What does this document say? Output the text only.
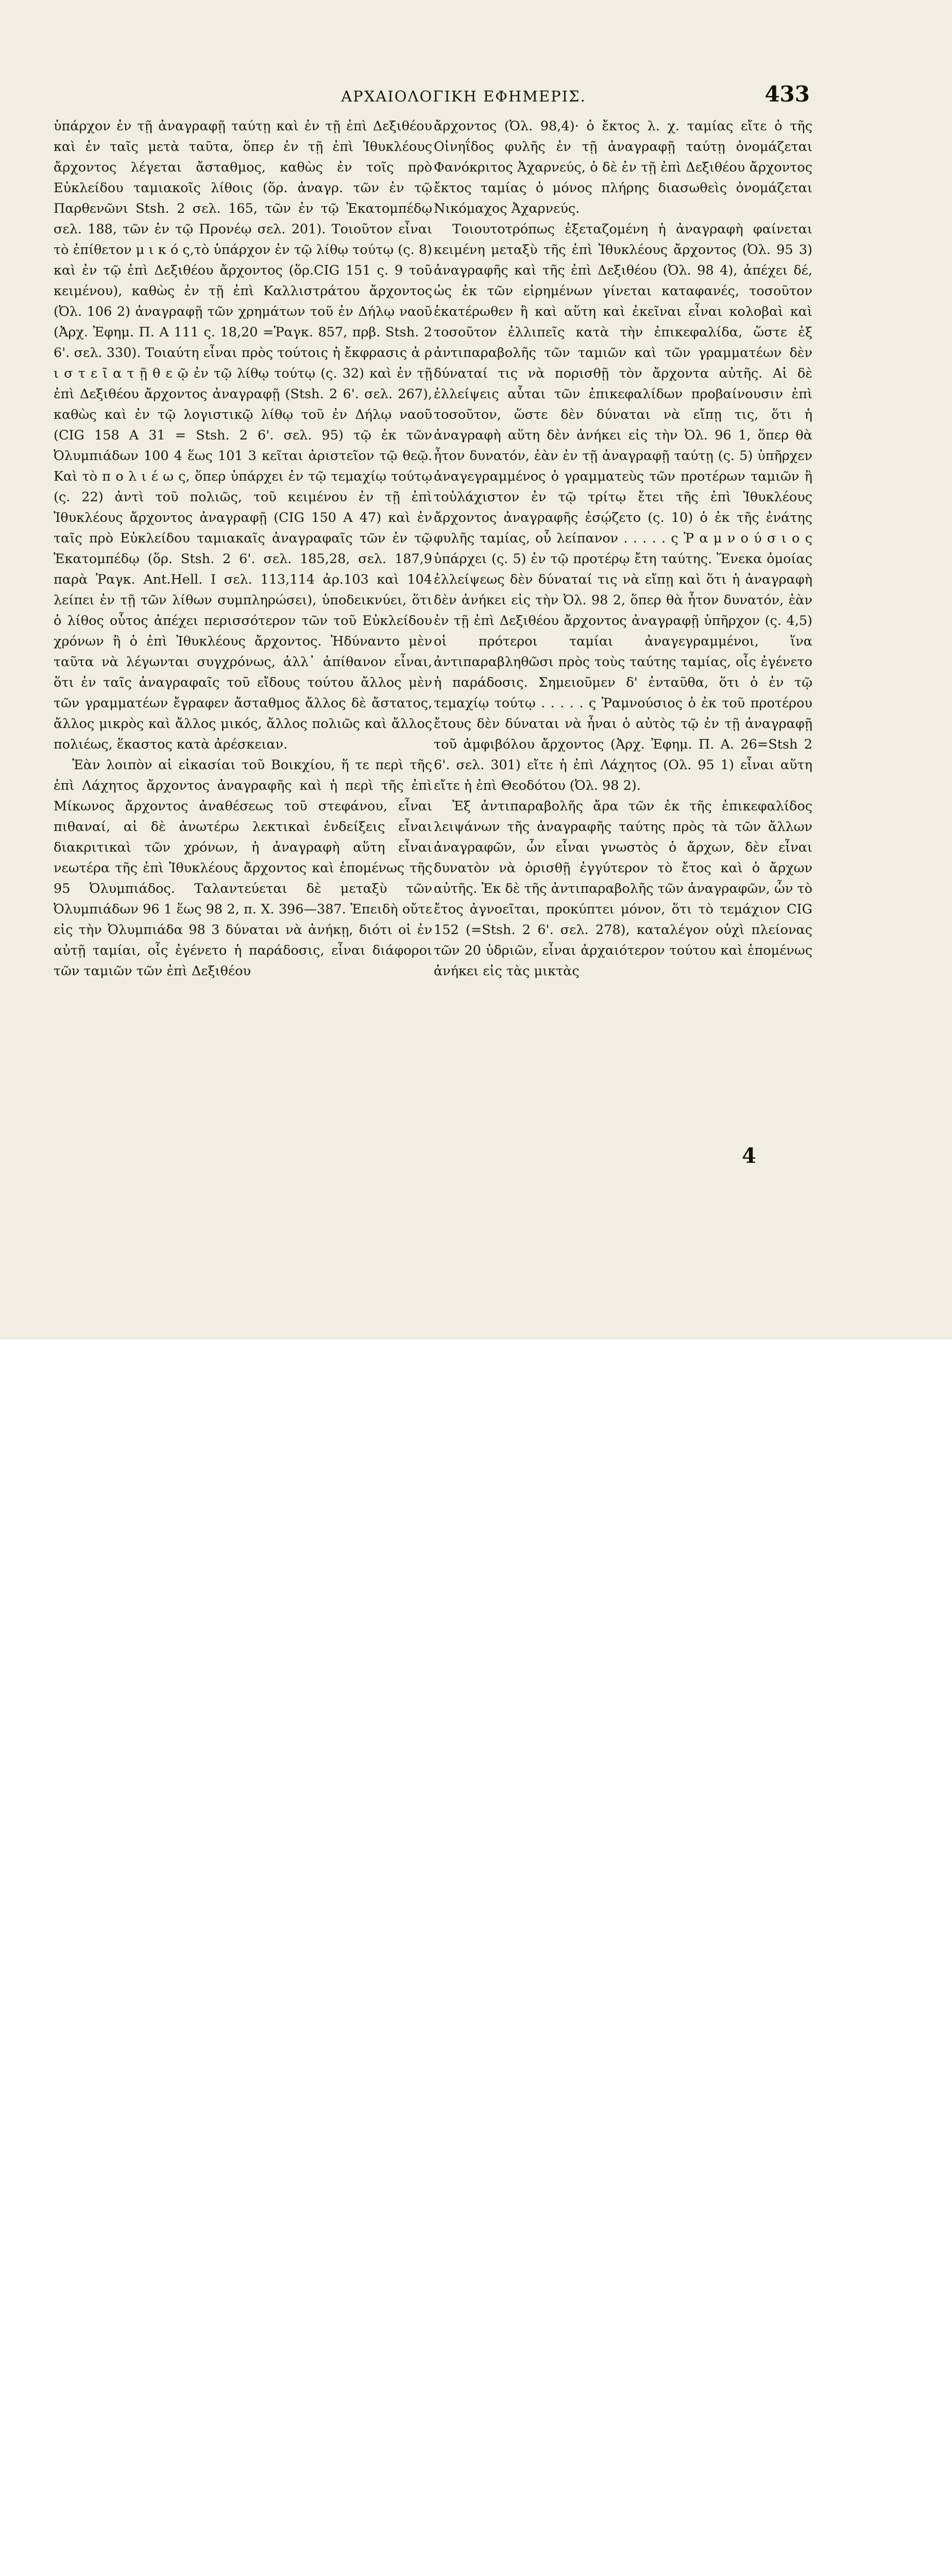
ΑΡΧΑΙΟΛΟΓΙΚΗ ΕΦΗΜΕΡΙΣ.	433

ὑπάρχον ἐν τῇ ἀναγραφῇ ταύτῃ καὶ ἐν τῇ ἐπὶ Δεξιθέου καὶ ἐν ταῖς μετὰ ταῦτα, ὅπερ ἐν τῇ ἐπὶ Ἰθυκλέους ἄρχοντος λέγεται ἄσταθμος, καθὼς ἐν τοῖς πρὸ Εὐκλείδου ταμιακοῖς λίθοις (ὅρ. ἀναγρ. τῶν ἐν τῷ Παρθενῶνι Stsh. 2 σελ. 165, τῶν ἐν τῷ Ἑκατομπέδῳ σελ. 188, τῶν ἐν τῷ Προνέῳ σελ. 201). Τοιοῦτον εἶναι τὸ ἐπίθετον μ ι κ ό ς,τὸ ὑπάρχον ἐν τῷ λίθῳ τούτῳ (ς. 8) καὶ ἐν τῷ ἐπὶ Δεξιθέου ἄρχοντος (ὅρ.CIG 151 ς. 9 τοῦ κειμένου), καθὼς ἐν τῇ ἐπὶ Καλλιστράτου ἄρχοντος (Ὀλ. 106 2) ἀναγραφῇ τῶν χρημάτων τοῦ ἐν Δήλῳ ναοῦ (Ἀρχ. Ἐφημ. Π. Α 111 ς. 18,20 =Ῥαγκ. 857, πρβ. Stsh. 2 6'. σελ. 330). Τοιαύτη εἶναι πρὸς τούτοις ἡ ἔκφρασις ἀ ρ ι σ τ ε ῖ α τ ῇ θ ε ῷ ἐν τῷ λίθῳ τούτῳ (ς. 32) καὶ ἐν τῇ ἐπὶ Δεξιθέου ἄρχοντος ἀναγραφῇ (Stsh. 2 6'. σελ. 267), καθὼς καὶ ἐν τῷ λογιστικῷ λίθῳ τοῦ ἐν Δήλῳ ναοῦ (CIG 158 A 31 = Stsh. 2 6'. σελ. 95) τῷ ἐκ τῶν Ὀλυμπιάδων 100 4 ἕως 101 3 κεῖται ἀριστεῖον τῷ θεῷ. Καὶ τὸ π ο λ ι έ ω ς, ὅπερ ὑπάρχει ἐν τῷ τεμαχίῳ τούτῳ (ς. 22) ἀντὶ τοῦ πολιῶς, τοῦ κειμένου ἐν τῇ ἐπὶ Ἰθυκλέους ἄρχοντος ἀναγραφῇ (CIG 150 A 47) καὶ ἐν ταῖς πρὸ Εὐκλείδου ταμιακαῖς ἀναγραφαῖς τῶν ἐν τῷ Ἑκατομπέδῳ (ὅρ. Stsh. 2 6'. σελ. 185,28, σελ. 187,9 παρὰ Ῥαγκ. Ant.Hell. I σελ. 113,114 ἀρ.103 καὶ 104 λείπει ἐν τῇ τῶν λίθων συμπληρώσει), ὑποδεικνύει, ὅτι ὁ λίθος οὗτος ἀπέχει περισσότερον τῶν τοῦ Εὐκλείδου χρόνων ἢ ὁ ἐπὶ Ἰθυκλέους ἄρχοντος. Ἠδύναντο μὲν ταῦτα νὰ λέγωνται συγχρόνως, ἀλλ᾽ ἀπίθανον εἶναι, ὅτι ἐν ταῖς ἀναγραφαῖς τοῦ εἴδους τούτου ἄλλος μὲν τῶν γραμματέων ἔγραφεν ἄσταθμος ἄλλος δὲ ἄστατος, ἄλλος μικρὸς καὶ ἄλλος μικός, ἄλλος πολιῶς καὶ ἄλλος πολιέως, ἕκαστος κατὰ ἀρέσκειαν.

Ἐὰν λοιπὸν αἱ εἰκασίαι τοῦ Βοικχίου, ἥ τε περὶ τῆς ἐπὶ Λάχητος ἄρχοντος ἀναγραφῆς καὶ ἡ περὶ τῆς ἐπὶ Μίκωνος ἄρχοντος ἀναθέσεως τοῦ στεφάνου, εἶναι πιθαναί, αἱ δὲ ἀνωτέρω λεκτικαὶ ἐνδείξεις εἶναι διακριτικαὶ τῶν χρόνων, ἡ ἀναγραφὴ αὕτη εἶναι νεωτέρα τῆς ἐπὶ Ἰθυκλέους ἄρχοντος καὶ ἑπομένως τῆς 95 Ὀλυμπιάδος. Ταλαντεύεται δὲ μεταξὺ τῶν Ὀλυμπιάδων 96 1 ἕως 98 2, π. Χ. 396—387. Ἐπειδὴ οὔτε εἰς τὴν Ὀλυμπιάδα 98 3 δύναται νὰ ἀνήκῃ, διότι οἱ ἐν αὐτῇ ταμίαι, οἷς ἐγένετο ἡ παράδοσις, εἶναι διάφοροι τῶν ταμιῶν τῶν ἐπὶ Δεξιθέου

ἄρχοντος (Ὀλ. 98,4)· ὁ ἔκτος λ. χ. ταμίας εἴτε ὁ τῆς Οἰνηΐδος φυλῆς ἐν τῇ ἀναγραφῇ ταύτῃ ὀνομάζεται Φανόκριτος Ἀχαρνεύς, ὁ δὲ ἐν τῇ ἐπὶ Δεξιθέου ἄρχοντος ἔκτος ταμίας ὁ μόνος πλήρης διασωθεὶς ὀνομάζεται Νικόμαχος Ἀχαρνεύς.

Τοιουτοτρόπως ἐξεταζομένη ἡ ἀναγραφὴ φαίνεται κειμένη μεταξὺ τῆς ἐπὶ Ἰθυκλέους ἄρχοντος (Ὀλ. 95 3) ἀναγραφῆς καὶ τῆς ἐπὶ Δεξιθέου (Ὀλ. 98 4), ἀπέχει δέ, ὡς ἐκ τῶν εἰρημένων γίνεται καταφανές, τοσοῦτον ἑκατέρωθεν ἢ καὶ αὕτη καὶ ἐκεῖναι εἶναι κολοβαὶ καὶ τοσοῦτον ἐλλιπεῖς κατὰ τὴν ἐπικεφαλίδα, ὥστε ἐξ ἀντιπαραβολῆς τῶν ταμιῶν καὶ τῶν γραμματέων δὲν δύναταί τις νὰ πορισθῇ τὸν ἄρχοντα αὐτῆς. Αἱ δὲ ἐλλείψεις αὗται τῶν ἐπικεφαλίδων προβαίνουσιν ἐπὶ τοσοῦτον, ὥστε δὲν δύναται νὰ εἴπῃ τις, ὅτι ἡ ἀναγραφὴ αὕτη δὲν ἀνήκει εἰς τὴν Ὀλ. 96 1, ὅπερ θὰ ἦτον δυνατόν, ἐὰν ἐν τῇ ἀναγραφῇ ταύτῃ (ς. 5) ὑπῆρχεν ἀναγεγραμμένος ὁ γραμματεὺς τῶν προτέρων ταμιῶν ἢ τοὐλάχιστον ἐν τῷ τρίτῳ ἔτει τῆς ἐπὶ Ἰθυκλέους ἄρχοντος ἀναγραφῆς ἐσῴζετο (ς. 10) ὁ ἐκ τῆς ἐνάτης φυλῆς ταμίας, οὗ λείπανον . . . . . ς Ῥ α μ ν ο ύ σ ι ο ς ὑπάρχει (ς. 5) ἐν τῷ προτέρῳ ἔτη ταύτης. Ἕνεκα ὁμοίας ἐλλείψεως δὲν δύναταί τις νὰ εἴπῃ καὶ ὅτι ἡ ἀναγραφὴ δὲν ἀνήκει εἰς τὴν Ὀλ. 98 2, ὅπερ θὰ ἦτον δυνατόν, ἐὰν ἐν τῇ ἐπὶ Δεξιθέου ἄρχοντος ἀναγραφῇ ὑπῆρχον (ς. 4,5) οἱ πρότεροι ταμίαι ἀναγεγραμμένοι, ἵνα ἀντιπαραβληθῶσι πρὸς τοὺς ταύτης ταμίας, οἷς ἐγένετο ἡ παράδοσις. Σημειοῦμεν δ' ἐνταῦθα, ὅτι ὁ ἐν τῷ τεμαχίῳ τούτῳ . . . . . ς Ῥαμνούσιος ὁ ἐκ τοῦ προτέρου ἔτους δὲν δύναται νὰ ἦναι ὁ αὐτὸς τῷ ἐν τῇ ἀναγραφῇ τοῦ ἀμφιβόλου ἄρχοντος (Ἀρχ. Ἐφημ. Π. Α. 26=Stsh 2 6'. σελ. 301) εἴτε ἡ ἐπὶ Λάχητος (Ολ. 95 1) εἶναι αὕτη εἴτε ἡ ἐπὶ Θεοδότου (Ὀλ. 98 2).

Ἐξ ἀντιπαραβολῆς ἄρα τῶν ἐκ τῆς ἐπικεφαλίδος λειψάνων τῆς ἀναγραφῆς ταύτης πρὸς τὰ τῶν ἄλλων ἀναγραφῶν, ὧν εἶναι γνωστὸς ὁ ἄρχων, δὲν εἶναι δυνατὸν νὰ ὁρισθῇ ἐγγύτερον τὸ ἔτος καὶ ὁ ἄρχων αὐτῆς. Ἐκ δὲ τῆς ἀντιπαραβολῆς τῶν ἀναγραφῶν, ὧν τὸ ἔτος ἀγνοεῖται, προκύπτει μόνον, ὅτι τὸ τεμάχιον CIG 152 (=Stsh. 2 6'. σελ. 278), καταλέγον οὐχὶ πλείονας τῶν 20 ὑδριῶν, εἶναι ἀρχαιότερον τούτου καὶ ἑπομένως ἀνήκει εἰς τὰς μικτὰς

4
